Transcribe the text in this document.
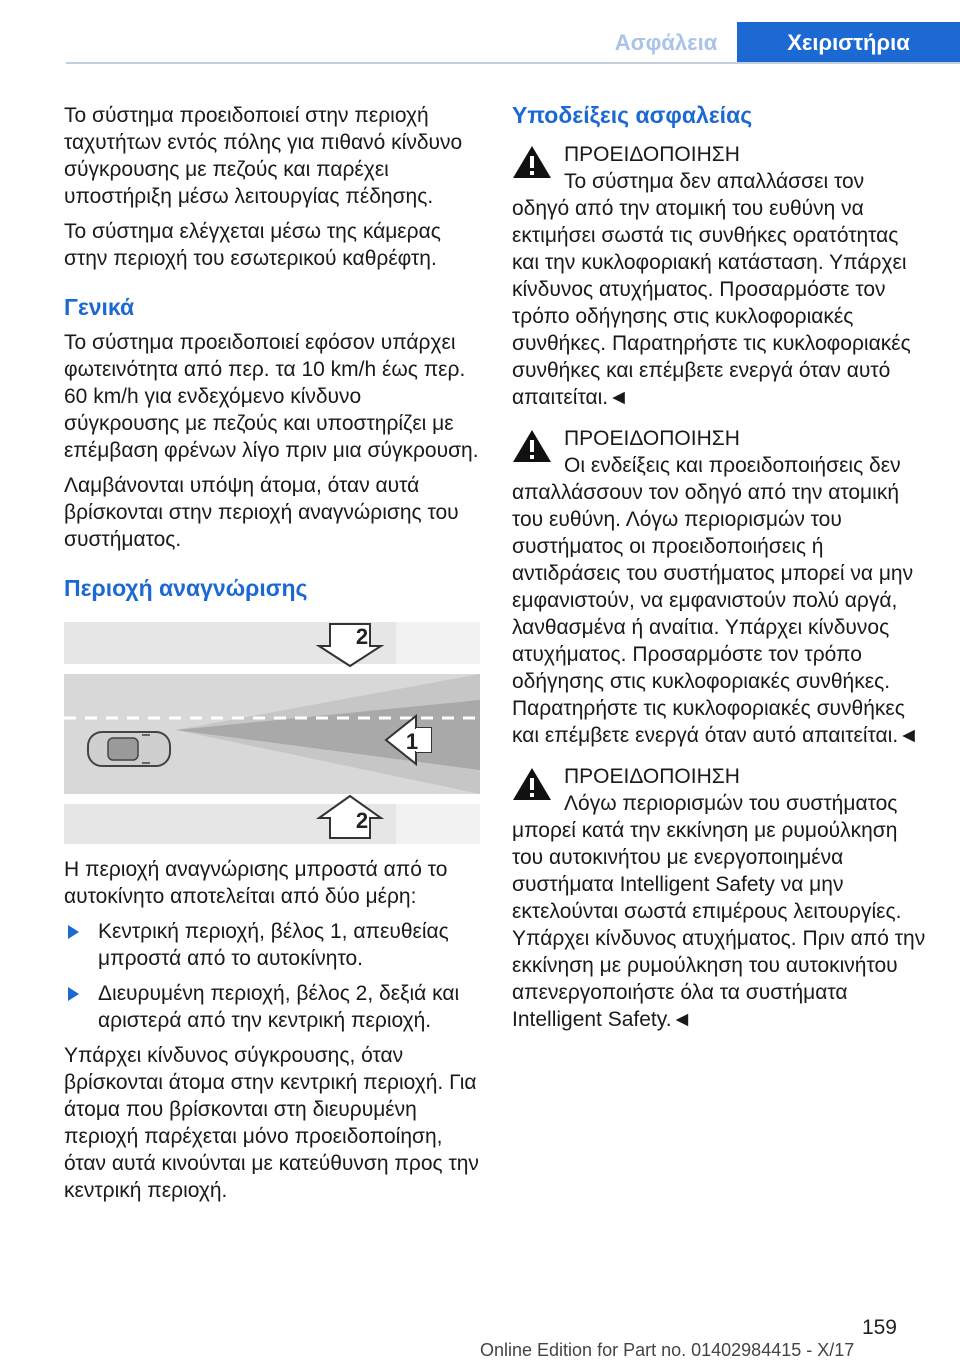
Ασφάλεια	Χειριστήρια

Το σύστημα προειδοποιεί στην περιοχή ταχυτήτων εντός πόλης για πιθανό κίνδυνο σύγκρουσης με πεζούς και παρέχει υποστήριξη μέσω λειτουργίας πέδησης.

Το σύστημα ελέγχεται μέσω της κάμερας στην περιοχή του εσωτερικού καθρέφτη.

Γενικά

Το σύστημα προειδοποιεί εφόσον υπάρχει φωτεινότητα από περ. τα 10 km/h έως περ. 60 km/h για ενδεχόμενο κίνδυνο σύγκρουσης με πεζούς και υποστηρίζει με επέμβαση φρένων λίγο πριν μια σύγκρουση.

Λαμβάνονται υπόψη άτομα, όταν αυτά βρίσκονται στην περιοχή αναγνώρισης του συστήματος.

Περιοχή αναγνώρισης
2
1
2

Η περιοχή αναγνώρισης μπροστά από το αυτοκίνητο αποτελείται από δύο μέρη:

Κεντρική περιοχή, βέλος 1, απευθείας μπροστά από το αυτοκίνητο.
Διευρυμένη περιοχή, βέλος 2, δεξιά και αριστερά από την κεντρική περιοχή.

Υπάρχει κίνδυνος σύγκρουσης, όταν βρίσκονται άτομα στην κεντρική περιοχή. Για άτομα που βρίσκονται στη διευρυμένη περιοχή παρέχεται μόνο προειδοποίηση, όταν αυτά κινούνται με κατεύθυνση προς την κεντρική περιοχή.

Υποδείξεις ασφαλείας
ΠΡΟΕΙΔΟΠΟΙΗΣΗ
Το σύστημα δεν απαλλάσσει τον οδηγό από την ατομική του ευθύνη να εκτιμήσει σωστά τις συνθήκες ορατότητας και την κυκλοφοριακή κατάσταση. Υπάρχει κίνδυνος ατυχήματος. Προσαρμόστε τον τρόπο οδήγησης στις κυκλοφοριακές συνθήκες. Παρατηρήστε τις κυκλοφοριακές συνθήκες και επέμβετε ενεργά όταν αυτό απαιτείται.◄
ΠΡΟΕΙΔΟΠΟΙΗΣΗ
Οι ενδείξεις και προειδοποιήσεις δεν απαλλάσσουν τον οδηγό από την ατομική του ευθύνη. Λόγω περιορισμών του συστήματος οι προειδοποιήσεις ή αντιδράσεις του συστήματος μπορεί να μην εμφανιστούν, να εμφανιστούν πολύ αργά, λανθασμένα ή αναίτια. Υπάρχει κίνδυνος ατυχήματος. Προσαρμόστε τον τρόπο οδήγησης στις κυκλοφοριακές συνθήκες. Παρατηρήστε τις κυκλοφοριακές συνθήκες και επέμβετε ενεργά όταν αυτό απαιτείται.◄
ΠΡΟΕΙΔΟΠΟΙΗΣΗ
Λόγω περιορισμών του συστήματος μπορεί κατά την εκκίνηση με ρυμούλκηση του αυτοκινήτου με ενεργοποιημένα συστήματα Intelligent Safety να μην εκτελούνται σωστά επιμέρους λειτουργίες. Υπάρχει κίνδυνος ατυχήματος. Πριν από την εκκίνηση με ρυμούλκηση του αυτοκινήτου απενεργοποιήστε όλα τα συστήματα Intelligent Safety.◄
159
Online Edition for Part no. 01402984415 - X/17
